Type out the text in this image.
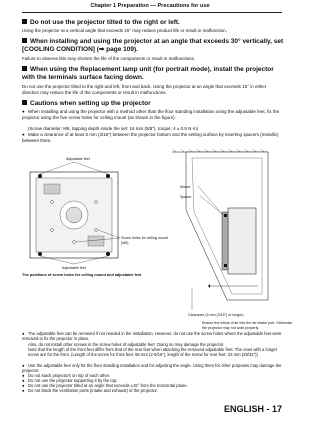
Chapter 1 Preparation — Precautions for use
Do not use the projector tilted to the right or left.
Using the projector at a vertical angle that exceeds 15° may reduce product life or result in malfunction.
When installing and using the projector at an angle that exceeds 30° vertically, set [COOLING CONDITION] (➡ page 109).
Failure to observe this may shorten the life of the components or result in malfunctions.
When using the Replacement lamp unit (for portrait mode), install the projector with the terminals surface facing down.
Do not use the projector tilted to the right and left, front and back. Using the projector at an angle that exceeds 15° in either direction may reduce the life of the components or result in malfunctions.
Cautions when setting up the projector
● When installing and using the projector with a method other than the floor standing installation using the adjustable feet, fix the projector using the five screw holes for ceiling mount (as shown in the figure).
(Screw diameter: M6, tapping depth inside the set: 16 mm (5/8"), torque: 4 ± 0.5 N·m)
● Make a clearance of at least 5 mm (3/16") between the projector bottom and the setting surface by inserting spacers (metallic) between them.
Adjustable feet
Screw holes for ceiling mount
(M6)
Adjustable feet
The positions of screw holes for ceiling mount and adjustable feet
Mount
Spacer
Clearance (5 mm (3/16") or longer)
Ensure the inflow of air into the air intake port. Otherwise
the projector may not work properly.
● The adjustable feet can be removed if not needed in the installation. However, do not use the screw holes where the adjustable feet were removed to fix the projector in place.
Also, do not install other screws in the screw holes of adjustable feet. Doing so may damage the projector.
Note that the length of the front feet differ from that of the rear feet when attaching the removed adjustable feet. The ones with a longer screw are for the front. (Length of the screw for front feet: 65 mm (2-9/16"), length of the screw for rear feet: 23 mm (29/32"))
● Use the adjustable feet only for the floor standing installation and for adjusting the angle. Using them for other purposes may damage the projector.
● Do not stack projectors on top of each other.
● Do not use the projector supporting it by the top.
● Do not use the projector tilted at an angle that exceeds ±15° from the horizontal plane.
● Do not block the ventilation ports (intake and exhaust) of the projector.
ENGLISH - 17
